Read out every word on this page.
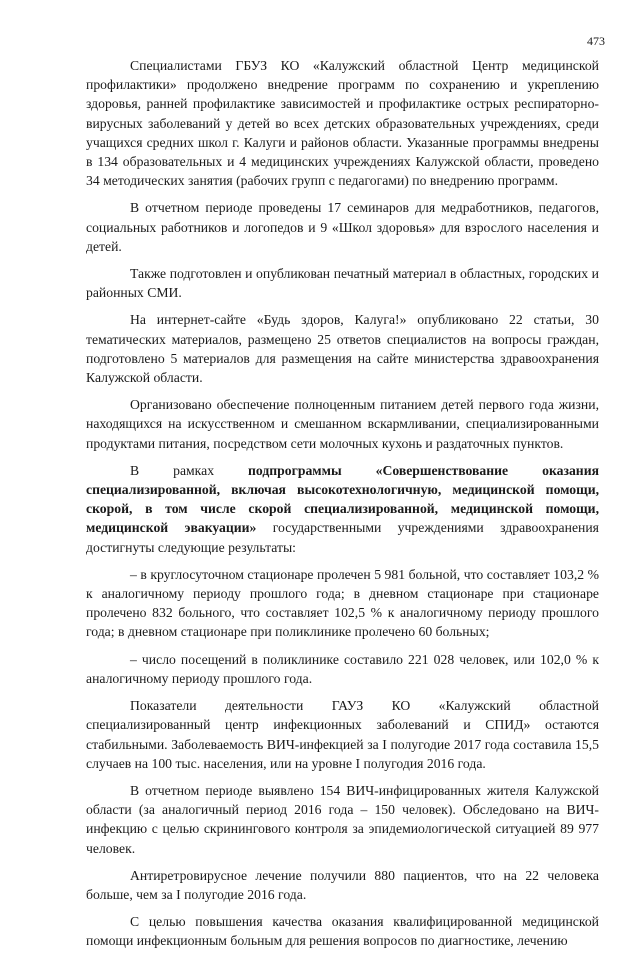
473

Специалистами ГБУЗ КО «Калужский областной Центр медицинской профилактики» продолжено внедрение программ по сохранению и укреплению здоровья, ранней профилактике зависимостей и профилактике острых респираторно-вирусных заболеваний у детей во всех детских образовательных учреждениях, среди учащихся средних школ г. Калуги и районов области. Указанные программы внедрены в 134 образовательных и 4 медицинских учреждениях Калужской области, проведено 34 методических занятия (рабочих групп с педагогами) по внедрению программ.

В отчетном периоде проведены 17 семинаров для медработников, педагогов, социальных работников и логопедов и 9 «Школ здоровья» для взрослого населения и детей.

Также подготовлен и опубликован печатный материал в областных, городских и районных СМИ.

На интернет-сайте «Будь здоров, Калуга!» опубликовано 22 статьи, 30 тематических материалов, размещено 25 ответов специалистов на вопросы граждан, подготовлено 5 материалов для размещения на сайте министерства здравоохранения Калужской области.

Организовано обеспечение полноценным питанием детей первого года жизни, находящихся на искусственном и смешанном вскармливании, специализированными продуктами питания, посредством сети молочных кухонь и раздаточных пунктов.

В рамках подпрограммы «Совершенствование оказания специализированной, включая высокотехнологичную, медицинской помощи, скорой, в том числе скорой специализированной, медицинской помощи, медицинской эвакуации» государственными учреждениями здравоохранения достигнуты следующие результаты:

– в круглосуточном стационаре пролечен 5 981 больной, что составляет 103,2 % к аналогичному периоду прошлого года; в дневном стационаре при стационаре пролечено 832 больного, что составляет 102,5 % к аналогичному периоду прошлого года; в дневном стационаре при поликлинике пролечено 60 больных;

– число посещений в поликлинике составило 221 028 человек, или 102,0 % к аналогичному периоду прошлого года.

Показатели деятельности ГАУЗ КО «Калужский областной специализированный центр инфекционных заболеваний и СПИД» остаются стабильными. Заболеваемость ВИЧ-инфекцией за I полугодие 2017 года составила 15,5 случаев на 100 тыс. населения, или на уровне I полугодия 2016 года.

В отчетном периоде выявлено 154 ВИЧ-инфицированных жителя Калужской области (за аналогичный период 2016 года – 150 человек). Обследовано на ВИЧ-инфекцию с целью скринингового контроля за эпидемиологической ситуацией 89 977 человек.

Антиретровирусное лечение получили 880 пациентов, что на 22 человека больше, чем за I полугодие 2016 года.

С целью повышения качества оказания квалифицированной медицинской помощи инфекционным больным для решения вопросов по диагностике, лечению
